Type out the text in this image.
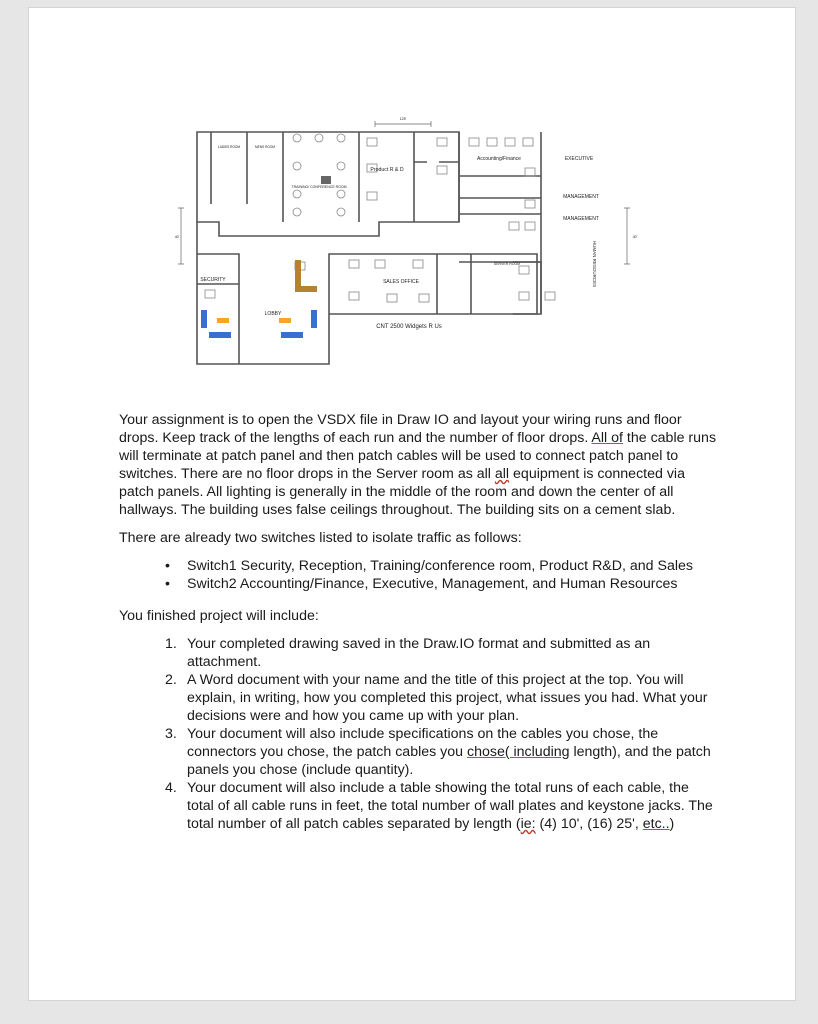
Product R & D
Accounting/Finance	EXECUTIVE
MANAGEMENT
MANAGEMENT
SECURITY
LOBBY
SALES OFFICE	HUMAN RESOURCES
SERVER ROOM
TRAINING/ CONFERENCE ROOM
LADIES ROOM	MENS ROOM
CNT 2500 Widgets R Us
125'
40'	40'

Your assignment is to open the VSDX file in Draw IO and layout your wiring runs and floor drops. Keep track of the lengths of each run and the number of floor drops. All of the cable runs will terminate at patch panel and then patch cables will be used to connect patch panel to switches. There are no floor drops in the Server room as all all equipment is connected via patch panels. All lighting is generally in the middle of the room and down the center of all hallways. The building uses false ceilings throughout. The building sits on a cement slab.

There are already two switches listed to isolate traffic as follows:

• Switch1 Security, Reception, Training/conference room, Product R&D, and Sales
• Switch2 Accounting/Finance, Executive, Management, and Human Resources

You finished project will include:

1. Your completed drawing saved in the Draw.IO format and submitted as an attachment.
2. A Word document with your name and the title of this project at the top. You will explain, in writing, how you completed this project, what issues you had. What your decisions were and how you came up with your plan.
3. Your document will also include specifications on the cables you chose, the connectors you chose, the patch cables you chose( including length), and the patch panels you chose (include quantity).
4. Your document will also include a table showing the total runs of each cable, the total of all cable runs in feet, the total number of wall plates and keystone jacks. The total number of all patch cables separated by length (ie: (4) 10', (16) 25', etc..)
